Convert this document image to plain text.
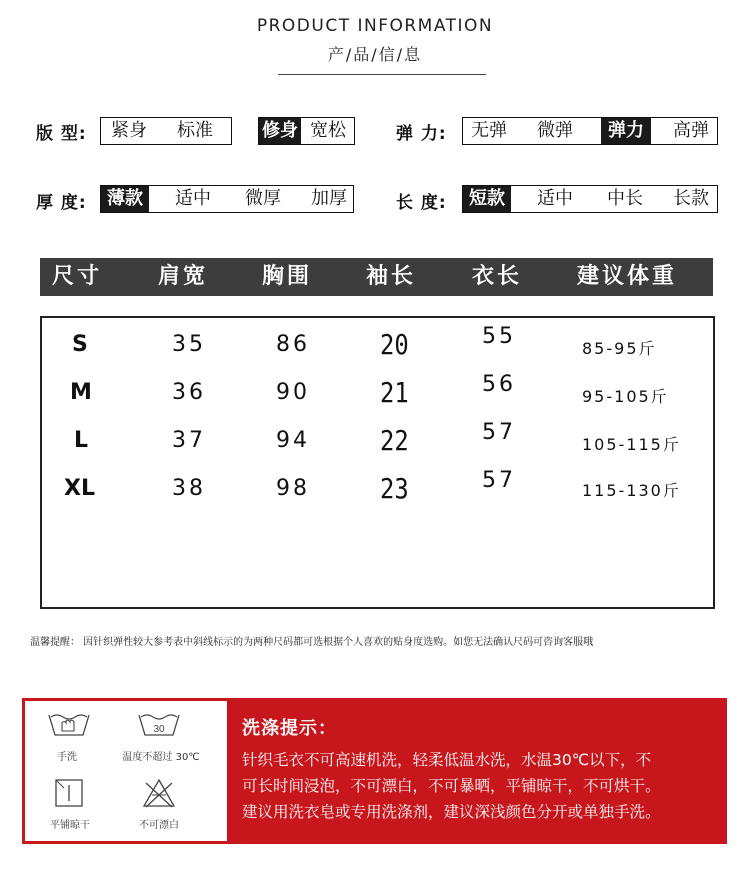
PRODUCT INFORMATION
产/品/信/息
版 型:	紧身	标准	修身 宽松	弹 力:	无弹	微弹	弹力	高弹
厚 度:	薄款	适中	微厚	加厚	长 度:	短款	适中	中长	长款
尺寸	肩宽 胸围 袖长	衣长 建议体重
S	35	86	20	55	85-95斤
M	36	90	21	56	95-105斤
L	37	94	22	57	105-115斤
XL	38	98	23	57	115-130斤
温馨提醒： 因针织弹性较大参考表中斜线标示的为两种尺码都可选根据个人喜欢的贴身度选购。如您无法确认尺码可咨询客服哦
手洗
30
温度不超过 30℃
平铺晾干	不可漂白
洗涤提示：
针织毛衣不可高速机洗，轻柔低温水洗，水温30℃以下，不
可长时间浸泡，不可漂白，不可暴晒，平铺晾干，不可烘干。
建议用洗衣皂或专用洗涤剂，建议深浅颜色分开或单独手洗。
